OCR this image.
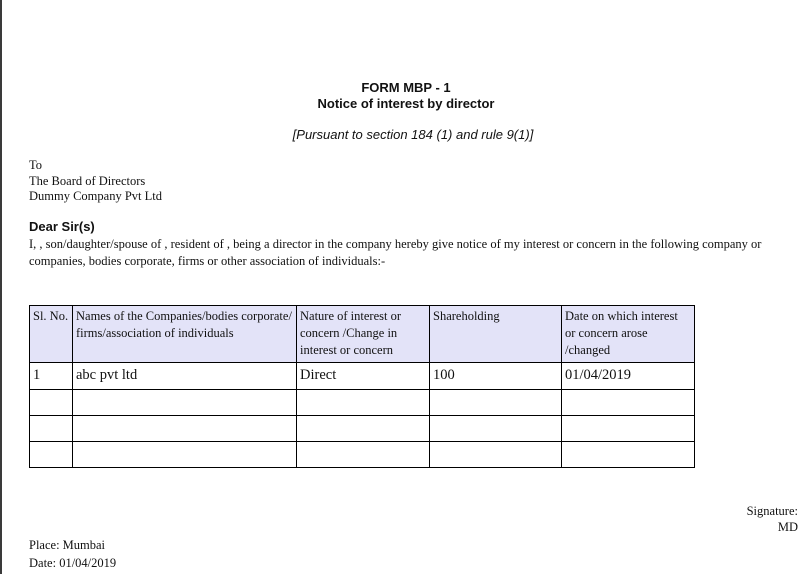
FORM MBP - 1
Notice of interest by director
[Pursuant to section 184 (1) and rule 9(1)]
To
The Board of Directors
Dummy Company Pvt Ltd
Dear Sir(s)
I, , son/daughter/spouse of , resident of , being a director in the company hereby give notice of my interest or concern in the following company or companies, bodies corporate, firms or other association of individuals:-
Sl. No.	Names of the Companies/bodies corporate/ firms/association of individuals	Nature of interest or concern /Change in interest or concern	Shareholding	Date on which interest or concern arose /changed
1	abc pvt ltd	Direct	100	01/04/2019

Signature:
MD
Place: Mumbai
Date: 01/04/2019
